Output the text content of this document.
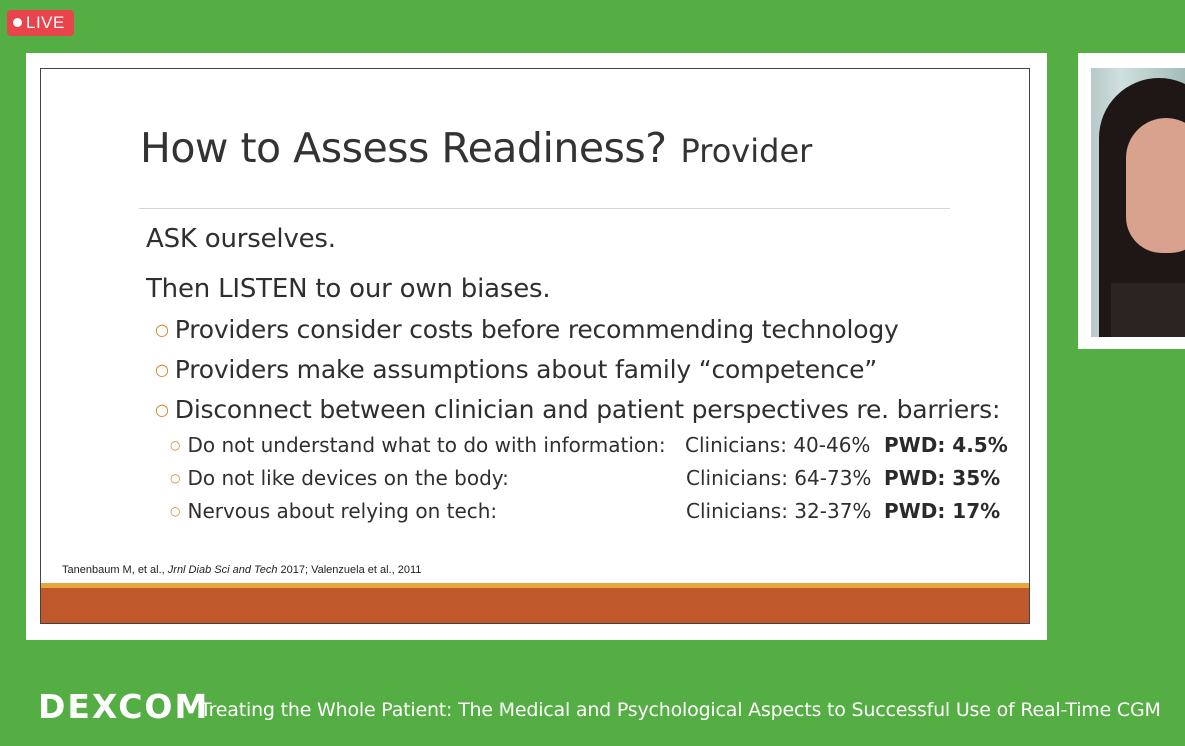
LIVE
How to Assess Readiness? Provider
ASK ourselves.
Then LISTEN to our own biases.
○ Providers consider costs before recommending technology
○ Providers make assumptions about family “competence”
○ Disconnect between clinician and patient perspectives re. barriers:
○ Do not understand what to do with information: Clinicians: 40-46% PWD: 4.5%
○ Do not like devices on the body:	Clinicians: 64-73% PWD: 35%
○ Nervous about relying on tech:	Clinicians: 32-37% PWD: 17%
Tanenbaum M, et al., Jrnl Diab Sci and Tech 2017; Valenzuela et al., 2011
DEXCOM
Treating the Whole Patient: The Medical and Psychological Aspects to Successful Use of Real-Time CGM
